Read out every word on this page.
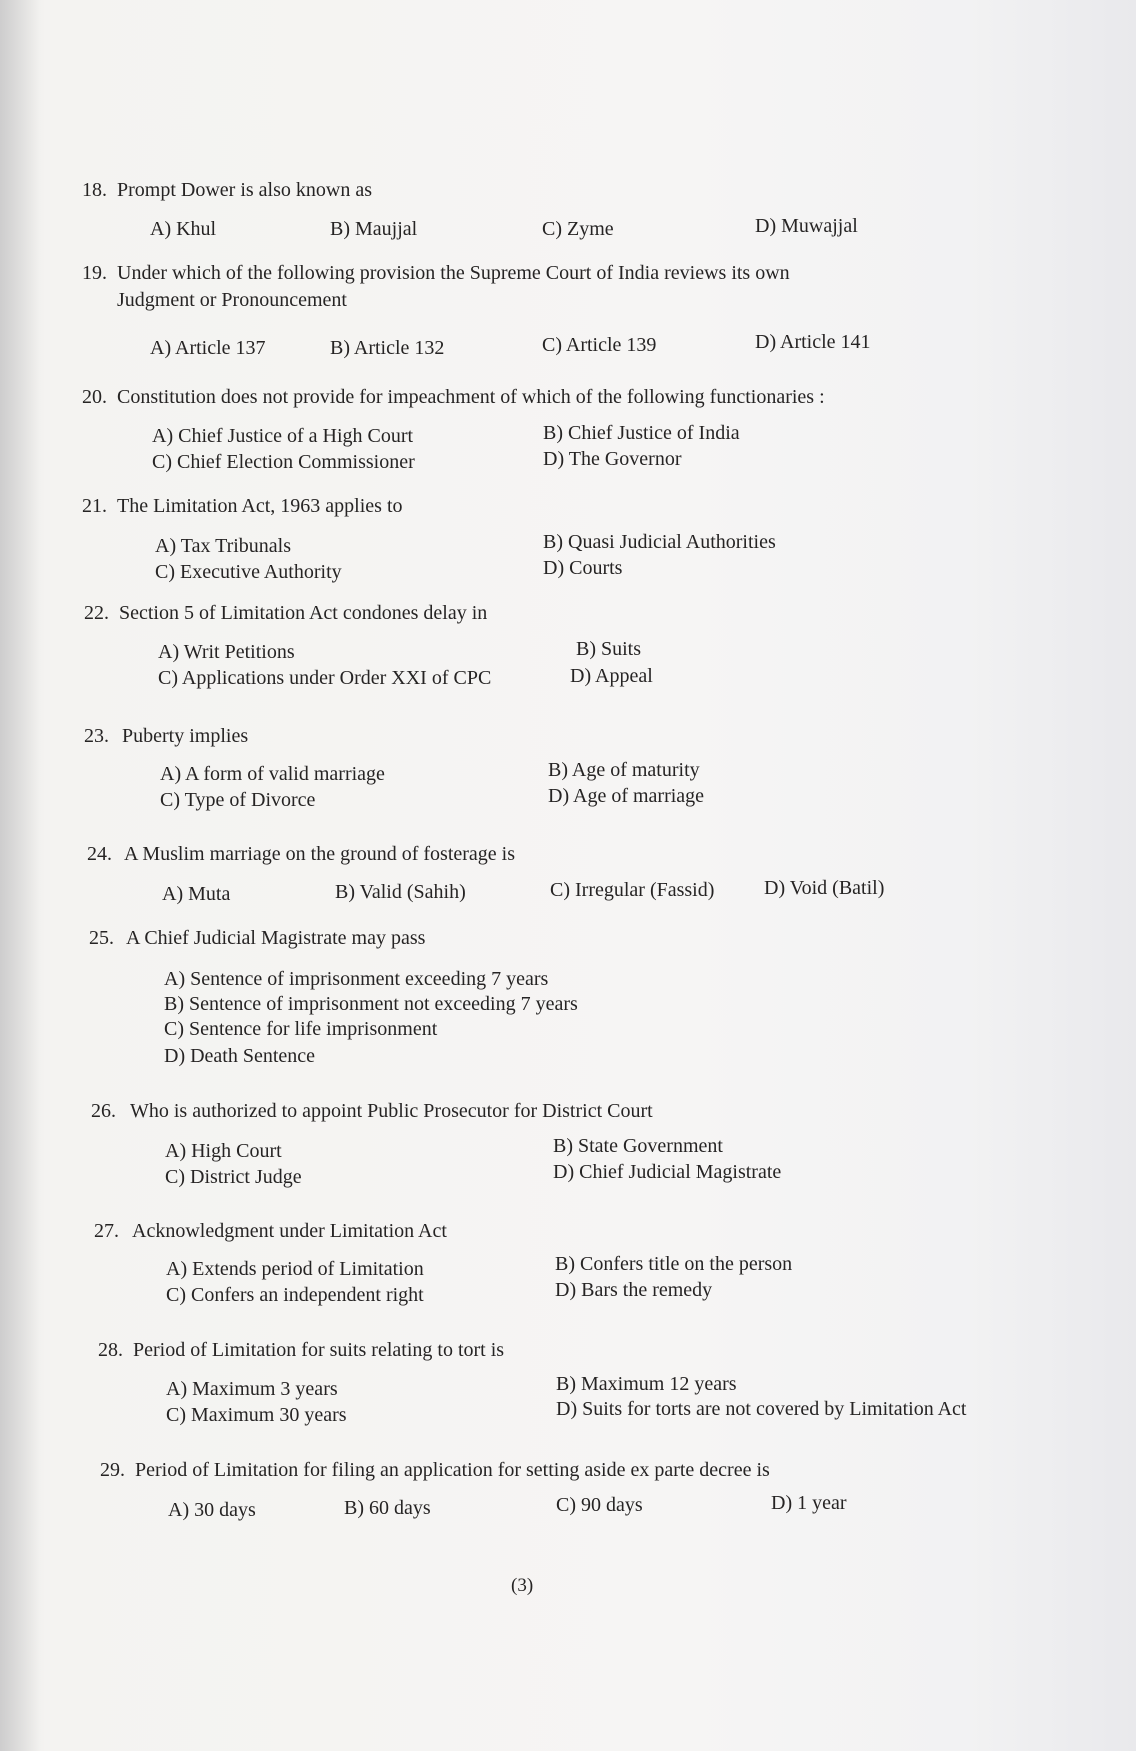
18. Prompt Dower is also known as
A) Khul	B) Maujjal	C) Zyme	D) Muwajjal
19. Under which of the following provision the Supreme Court of India reviews its own
Judgment or Pronouncement
A) Article 137	B) Article 132	C) Article 139	D) Article 141
20. Constitution does not provide for impeachment of which of the following functionaries :
A) Chief Justice of a High Court	B) Chief Justice of India
C) Chief Election Commissioner	D) The Governor
21. The Limitation Act, 1963 applies to
A) Tax Tribunals	B) Quasi Judicial Authorities
C) Executive Authority	D) Courts
22. Section 5 of Limitation Act condones delay in
A) Writ Petitions	B) Suits
C) Applications under Order XXI of CPC	D) Appeal
23. Puberty implies
A) A form of valid marriage	B) Age of maturity
C) Type of Divorce	D) Age of marriage
24. A Muslim marriage on the ground of fosterage is
A) Muta	B) Valid (Sahih)	C) Irregular (Fassid) D) Void (Batil)
25. A Chief Judicial Magistrate may pass
A) Sentence of imprisonment exceeding 7 years
B) Sentence of imprisonment not exceeding 7 years
C) Sentence for life imprisonment
D) Death Sentence
26. Who is authorized to appoint Public Prosecutor for District Court
A) High Court	B) State Government
C) District Judge	D) Chief Judicial Magistrate
27. Acknowledgment under Limitation Act
A) Extends period of Limitation	B) Confers title on the person
C) Confers an independent right	D) Bars the remedy
28. Period of Limitation for suits relating to tort is
A) Maximum 3 years	B) Maximum 12 years
C) Maximum 30 years	D) Suits for torts are not covered by Limitation Act
29. Period of Limitation for filing an application for setting aside ex parte decree is
A) 30 days	B) 60 days	C) 90 days	D) 1 year
(3)
